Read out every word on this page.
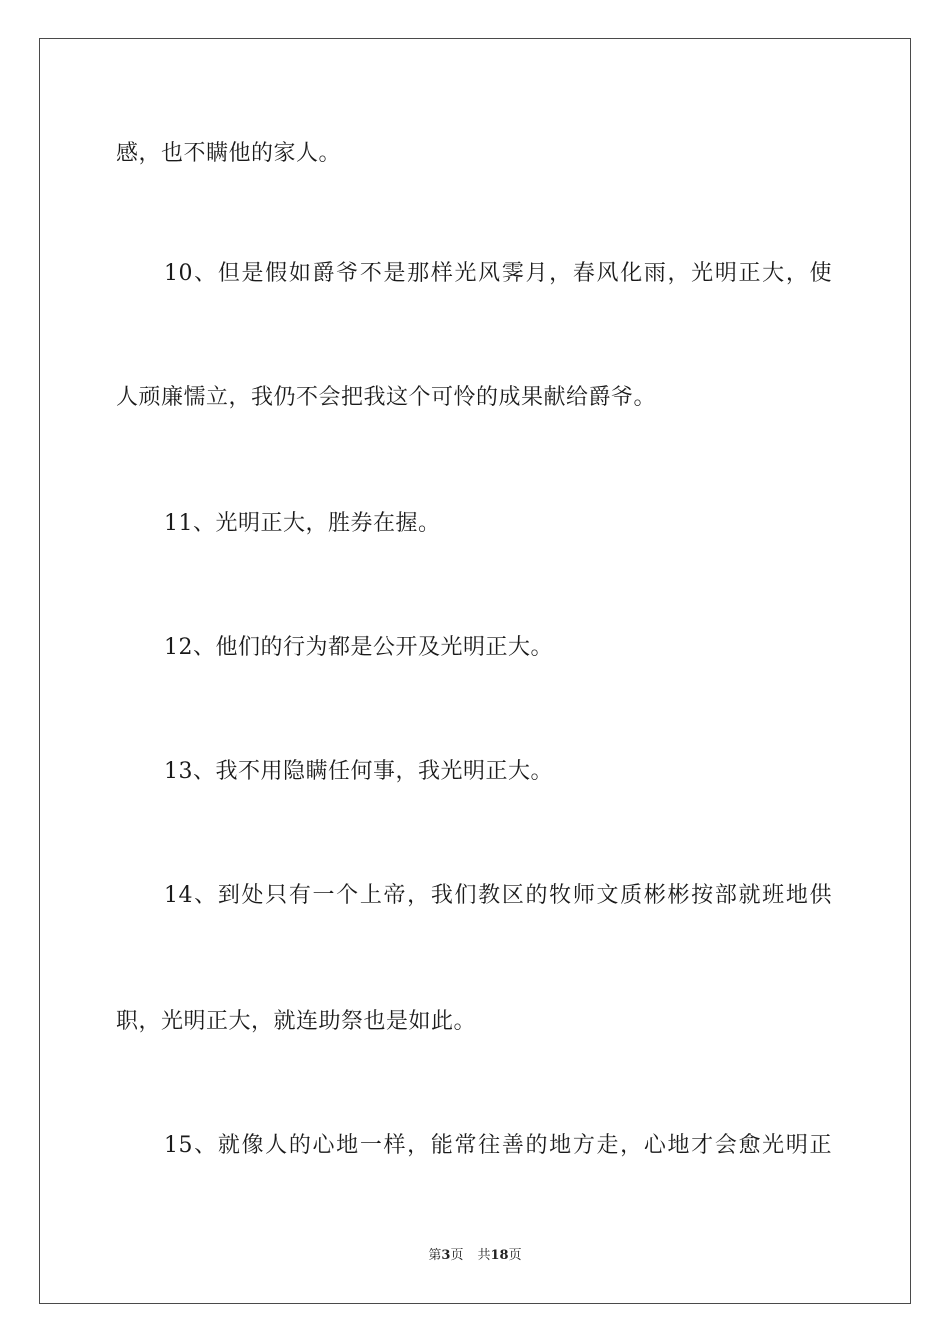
感，也不瞒他的家人。
10、但是假如爵爷不是那样光风霁月，春风化雨，光明正大，使
人顽廉懦立，我仍不会把我这个可怜的成果献给爵爷。
11、光明正大，胜券在握。
12、他们的行为都是公开及光明正大。
13、我不用隐瞒任何事，我光明正大。
14、到处只有一个上帝，我们教区的牧师文质彬彬按部就班地供
职，光明正大，就连助祭也是如此。
15、就像人的心地一样，能常往善的地方走，心地才会愈光明正
第3页 共18页
